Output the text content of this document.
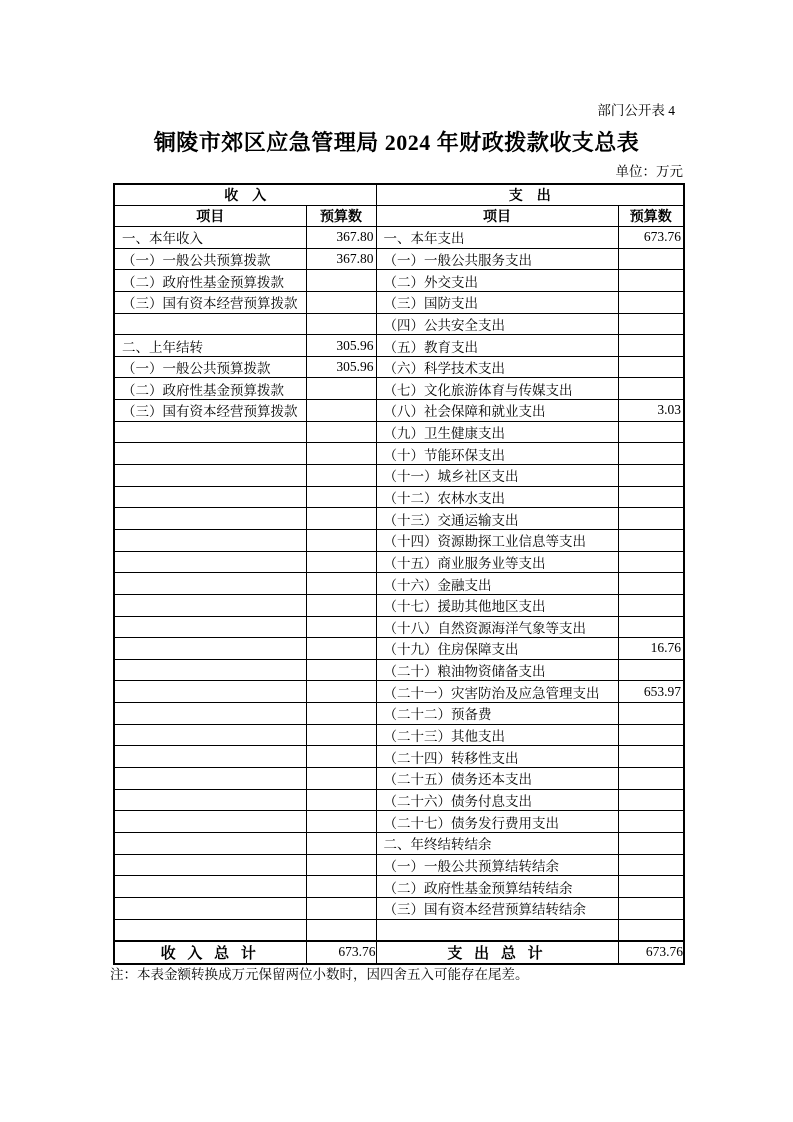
部门公开表 4
铜陵市郊区应急管理局 2024 年财政拨款收支总表
单位：万元
收　入		支　出	
项目	预算数	项目	预算数
一、本年收入	367.80	一、本年支出	673.76
（一）一般公共预算拨款	367.80	（一）一般公共服务支出	
（二）政府性基金预算拨款		（二）外交支出	
（三）国有资本经营预算拨款		（三）国防支出	
		（四）公共安全支出	
二、上年结转	305.96	（五）教育支出	
（一）一般公共预算拨款	305.96	（六）科学技术支出	
（二）政府性基金预算拨款		（七）文化旅游体育与传媒支出	
（三）国有资本经营预算拨款		（八）社会保障和就业支出	3.03
		（九）卫生健康支出	
		（十）节能环保支出	
		（十一）城乡社区支出	
		（十二）农林水支出	
		（十三）交通运输支出	
		（十四）资源勘探工业信息等支出	
		（十五）商业服务业等支出	
		（十六）金融支出	
		（十七）援助其他地区支出	
		（十八）自然资源海洋气象等支出	
		（十九）住房保障支出	16.76
		（二十）粮油物资储备支出	
		（二十一）灾害防治及应急管理支出	653.97
		（二十二）预备费	
		（二十三）其他支出	
		（二十四）转移性支出	
		（二十五）债务还本支出	
		（二十六）债务付息支出	
		（二十七）债务发行费用支出	
		二、年终结转结余	
		（一）一般公共预算结转结余	
		（二）政府性基金预算结转结余	
		（三）国有资本经营预算结转结余	

收 入 总 计	673.76	支 出 总 计	673.76
注：本表金额转换成万元保留两位小数时，因四舍五入可能存在尾差。
